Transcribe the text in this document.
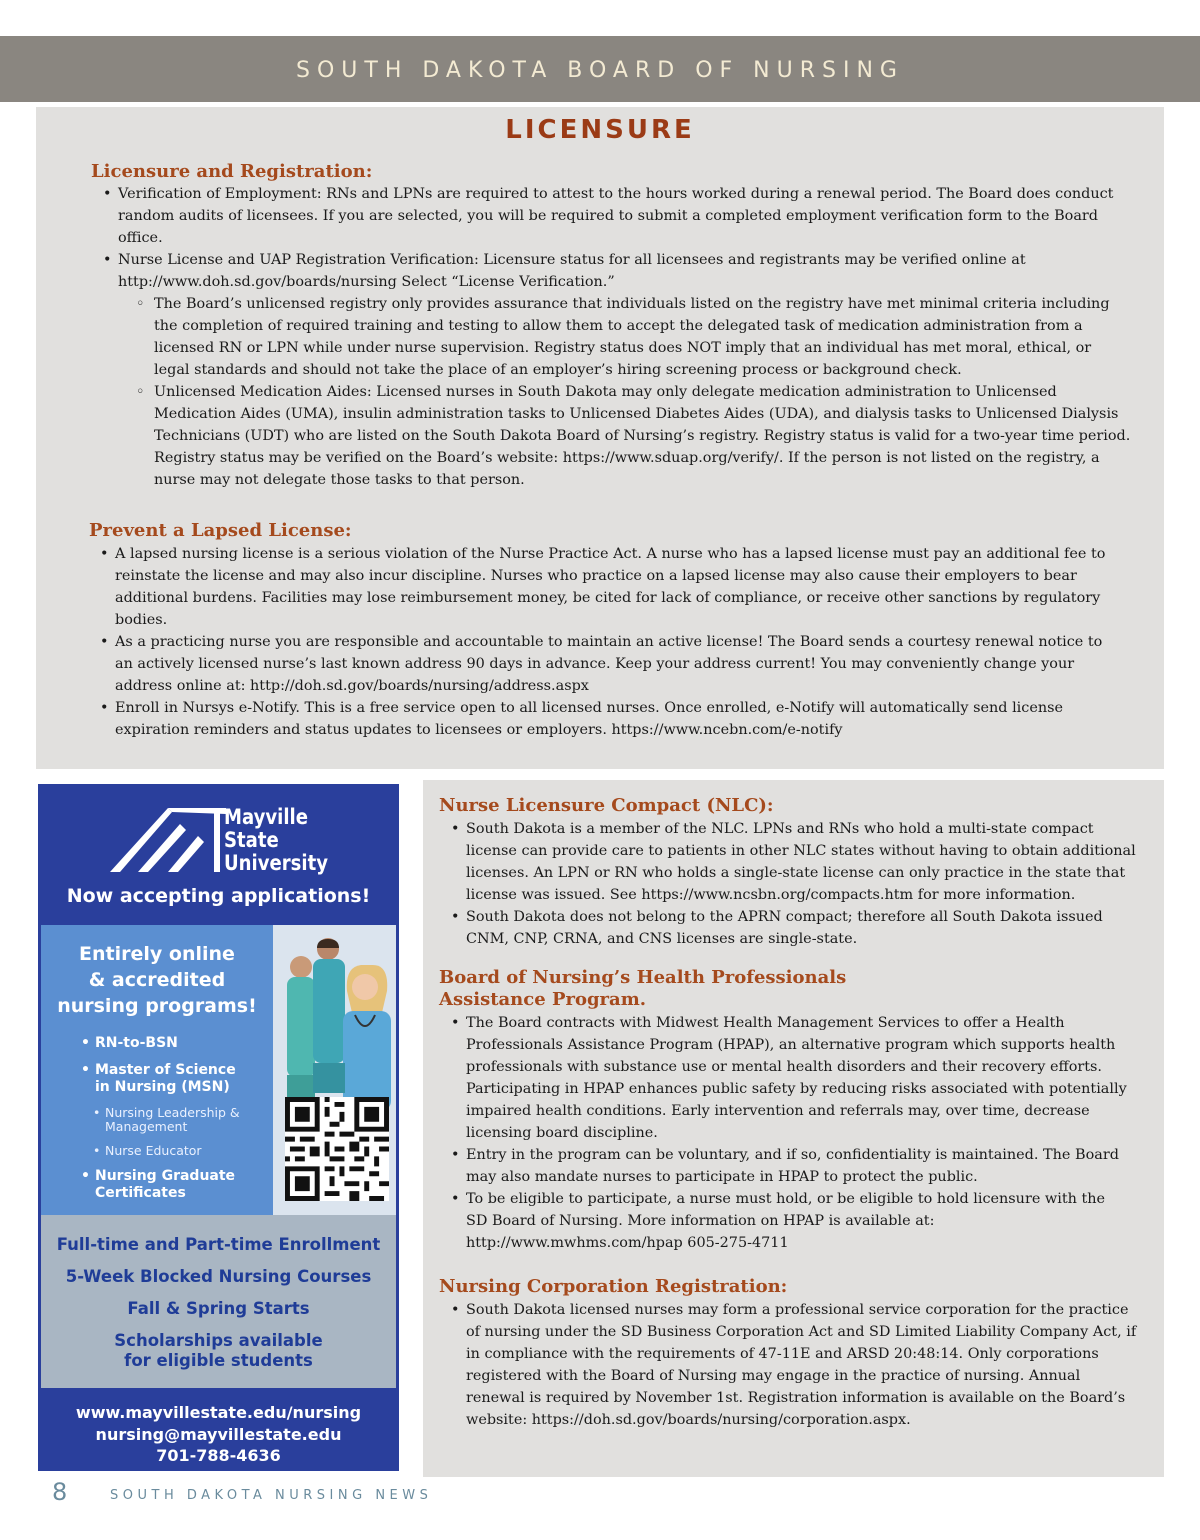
SOUTH DAKOTA BOARD OF NURSING
LICENSURE
Licensure and Registration:
• Verification of Employment: RNs and LPNs are required to attest to the hours worked during a renewal period. The Board does conduct random audits of licensees. If you are selected, you will be required to submit a completed employment verification form to the Board office.
• Nurse License and UAP Registration Verification: Licensure status for all licensees and registrants may be verified online at http://www.doh.sd.gov/boards/nursing Select “License Verification.”
◦ The Board’s unlicensed registry only provides assurance that individuals listed on the registry have met minimal criteria including the completion of required training and testing to allow them to accept the delegated task of medication administration from a licensed RN or LPN while under nurse supervision. Registry status does NOT imply that an individual has met moral, ethical, or legal standards and should not take the place of an employer’s hiring screening process or background check.
◦ Unlicensed Medication Aides: Licensed nurses in South Dakota may only delegate medication administration to Unlicensed Medication Aides (UMA), insulin administration tasks to Unlicensed Diabetes Aides (UDA), and dialysis tasks to Unlicensed Dialysis Technicians (UDT) who are listed on the South Dakota Board of Nursing’s registry. Registry status is valid for a two-year time period. Registry status may be verified on the Board’s website: https://www.sduap.org/verify/. If the person is not listed on the registry, a nurse may not delegate those tasks to that person.
Prevent a Lapsed License:
• A lapsed nursing license is a serious violation of the Nurse Practice Act. A nurse who has a lapsed license must pay an additional fee to reinstate the license and may also incur discipline. Nurses who practice on a lapsed license may also cause their employers to bear additional burdens. Facilities may lose reimbursement money, be cited for lack of compliance, or receive other sanctions by regulatory bodies.
• As a practicing nurse you are responsible and accountable to maintain an active license! The Board sends a courtesy renewal notice to an actively licensed nurse’s last known address 90 days in advance. Keep your address current! You may conveniently change your address online at: http://doh.sd.gov/boards/nursing/address.aspx
• Enroll in Nursys e-Notify. This is a free service open to all licensed nurses. Once enrolled, e-Notify will automatically send license expiration reminders and status updates to licensees or employers. https://www.ncebn.com/e-notify
Mayville
State
University
Now accepting applications!
Entirely online
& accredited
nursing programs!
• RN-to-BSN
• Master of Science in Nursing (MSN)
• Nursing Leadership & Management
• Nurse Educator
• Nursing Graduate Certificates
Full-time and Part-time Enrollment
5-Week Blocked Nursing Courses
Fall & Spring Starts
Scholarships available
for eligible students
www.mayvillestate.edu/nursing
nursing@mayvillestate.edu
701-788-4636
Nurse Licensure Compact (NLC):
• South Dakota is a member of the NLC. LPNs and RNs who hold a multi-state compact license can provide care to patients in other NLC states without having to obtain additional licenses. An LPN or RN who holds a single-state license can only practice in the state that license was issued. See https://www.ncsbn.org/compacts.htm for more information.
• South Dakota does not belong to the APRN compact; therefore all South Dakota issued CNM, CNP, CRNA, and CNS licenses are single-state.
Board of Nursing’s Health Professionals
Assistance Program.
• The Board contracts with Midwest Health Management Services to offer a Health Professionals Assistance Program (HPAP), an alternative program which supports health professionals with substance use or mental health disorders and their recovery efforts. Participating in HPAP enhances public safety by reducing risks associated with potentially impaired health conditions. Early intervention and referrals may, over time, decrease licensing board discipline.
• Entry in the program can be voluntary, and if so, confidentiality is maintained. The Board may also mandate nurses to participate in HPAP to protect the public.
• To be eligible to participate, a nurse must hold, or be eligible to hold licensure with the SD Board of Nursing. More information on HPAP is available at: http://www.mwhms.com/hpap 605-275-4711
Nursing Corporation Registration:
• South Dakota licensed nurses may form a professional service corporation for the practice of nursing under the SD Business Corporation Act and SD Limited Liability Company Act, if in compliance with the requirements of 47-11E and ARSD 20:48:14. Only corporations registered with the Board of Nursing may engage in the practice of nursing. Annual renewal is required by November 1st. Registration information is available on the Board’s website: https://doh.sd.gov/boards/nursing/corporation.aspx.
8	SOUTH DAKOTA NURSING NEWS
